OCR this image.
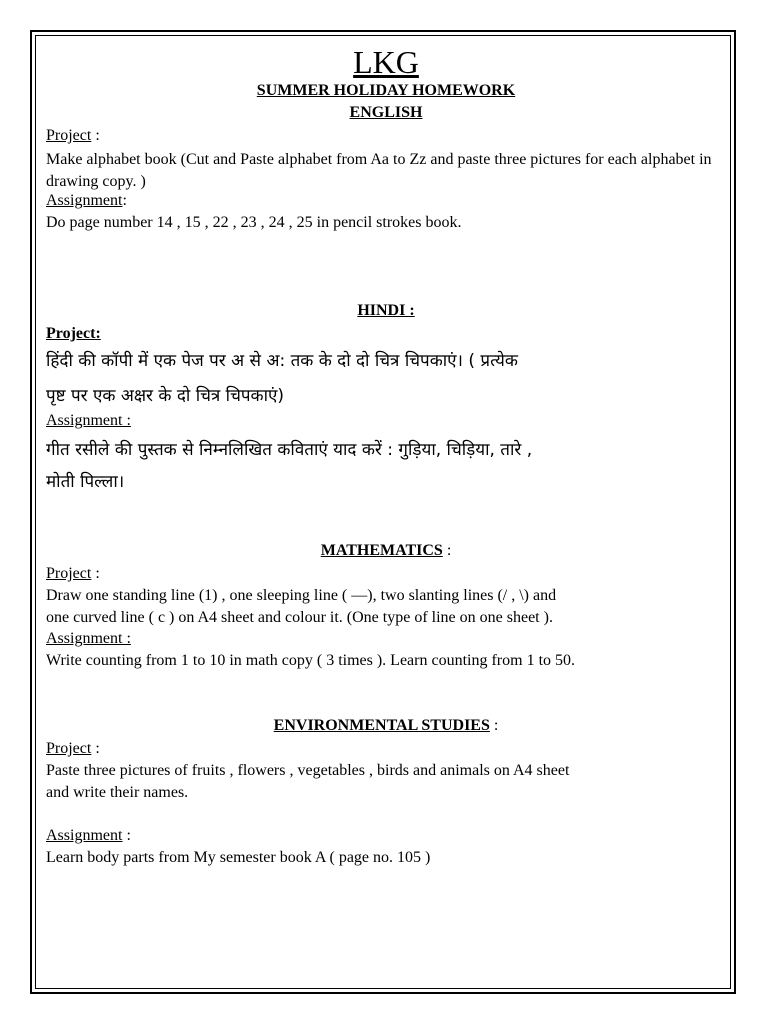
LKG
SUMMER HOLIDAY HOMEWORK
ENGLISH
Project :
Make alphabet book (Cut and Paste alphabet from Aa to Zz and paste three pictures for each alphabet in drawing copy. )
Assignment:
Do page number 14 , 15 , 22 , 23 , 24 , 25 in pencil strokes book.
HINDI :
Project:
हिंदी की कॉपी में एक पेज पर अ से अ: तक के दो दो चित्र चिपकाएं। ( प्रत्येक
पृष्ट पर एक अक्षर के दो चित्र चिपकाएं)
Assignment :
गीत रसीले की पुस्तक से निम्नलिखित कविताएं याद करें : गुड़िया, चिड़िया, तारे ,
मोती पिल्ला।
MATHEMATICS :
Project :
Draw one standing line (1) , one sleeping line ( —), two slanting lines (/ , \) and
one curved line ( c ) on A4 sheet and colour it. (One type of line on one sheet ).
Assignment :
Write counting from 1 to 10 in math copy ( 3 times ). Learn counting from 1 to 50.
ENVIRONMENTAL STUDIES :
Project :
Paste three pictures of fruits , flowers , vegetables , birds and animals on A4 sheet
and write their names.
Assignment :
Learn body parts from My semester book A ( page no. 105 )
